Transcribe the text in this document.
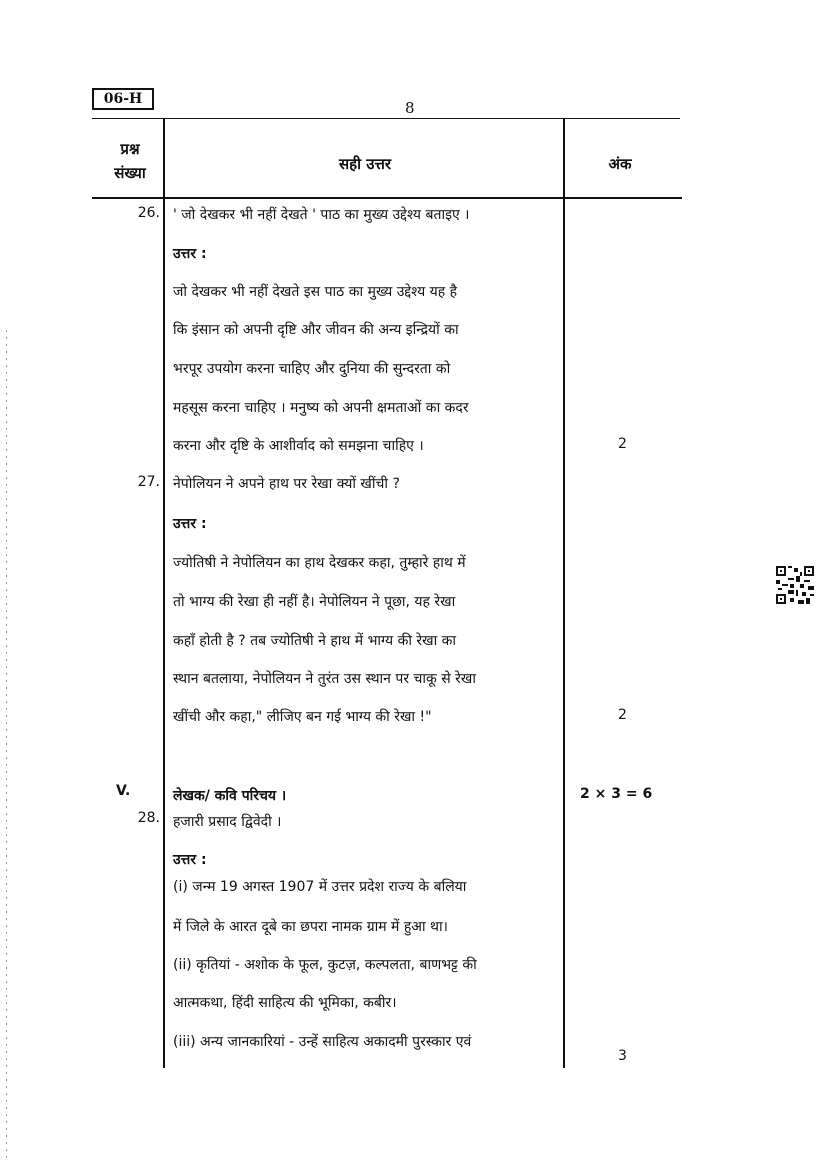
06-H	8
प्रश्न
संख्या	सही उत्तर	अंक
26. ' जो देखकर भी नहीं देखते ' पाठ का मुख्य उद्देश्य बताइए ।
उत्तर :
जो देखकर भी नहीं देखते इस पाठ का मुख्य उद्देश्य यह है
कि इंसान को अपनी दृष्टि और जीवन की अन्य इन्द्रियों का
भरपूर उपयोग करना चाहिए और दुनिया की सुन्दरता को
महसूस करना चाहिए । मनुष्य को अपनी क्षमताओं का कदर
करना और दृष्टि के आशीर्वाद को समझना चाहिए ।	2
27. नेपोलियन ने अपने हाथ पर रेखा क्यों खींची ?
उत्तर :
ज्योतिषी ने नेपोलियन का हाथ देखकर कहा, तुम्हारे हाथ में
तो भाग्य की रेखा ही नहीं है। नेपोलियन ने पूछा, यह रेखा
कहाँ होती है ? तब ज्योतिषी ने हाथ में भाग्य की रेखा का
स्थान बतलाया, नेपोलियन ने तुरंत उस स्थान पर चाकू से रेखा
खींची और कहा," लीजिए बन गई भाग्य की रेखा !"	2
V.	लेखक/ कवि परिचय ।	2 × 3 = 6
28. हजारी प्रसाद द्विवेदी ।
उत्तर :
(i) जन्म 19 अगस्त 1907 में उत्तर प्रदेश राज्य के बलिया
में जिले के आरत दूबे का छपरा नामक ग्राम में हुआ था।
(ii) कृतियां - अशोक के फूल, कुटज़, कल्पलता, बाणभट्ट की
आत्मकथा, हिंदी साहित्य की भूमिका, कबीर।
(iii) अन्य जानकारियां - उन्हें साहित्य अकादमी पुरस्कार एवं
3
